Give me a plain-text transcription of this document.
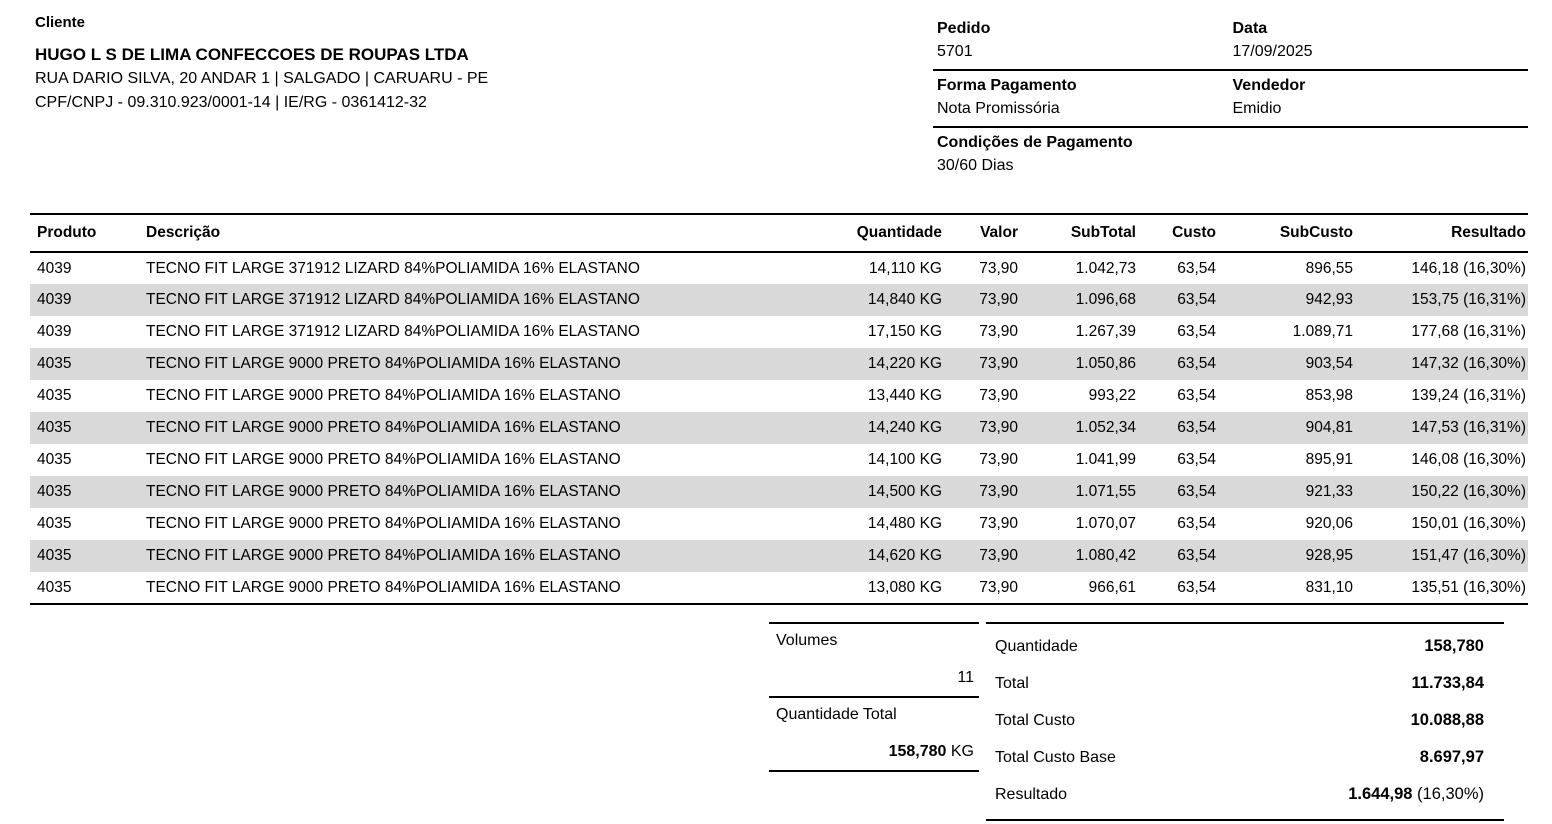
Cliente
HUGO L S DE LIMA CONFECCOES DE ROUPAS LTDA
RUA DARIO SILVA, 20 ANDAR 1 | SALGADO | CARUARU - PE
CPF/CNPJ - 09.310.923/0001-14 | IE/RG - 0361412-32
Pedido
5701
Data
17/09/2025
Forma Pagamento
Nota Promissória
Vendedor
Emidio
Condições de Pagamento
30/60 Dias
Produto	Descrição	Quantidade	Valor	SubTotal	Custo	SubCusto	Resultado
4039	TECNO FIT LARGE 371912 LIZARD 84%POLIAMIDA 16% ELASTANO	14,110 KG	73,90	1.042,73	63,54	896,55	146,18 (16,30%)
4039	TECNO FIT LARGE 371912 LIZARD 84%POLIAMIDA 16% ELASTANO	14,840 KG	73,90	1.096,68	63,54	942,93	153,75 (16,31%)
4039	TECNO FIT LARGE 371912 LIZARD 84%POLIAMIDA 16% ELASTANO	17,150 KG	73,90	1.267,39	63,54	1.089,71	177,68 (16,31%)
4035	TECNO FIT LARGE 9000 PRETO 84%POLIAMIDA 16% ELASTANO	14,220 KG	73,90	1.050,86	63,54	903,54	147,32 (16,30%)
4035	TECNO FIT LARGE 9000 PRETO 84%POLIAMIDA 16% ELASTANO	13,440 KG	73,90	993,22	63,54	853,98	139,24 (16,31%)
4035	TECNO FIT LARGE 9000 PRETO 84%POLIAMIDA 16% ELASTANO	14,240 KG	73,90	1.052,34	63,54	904,81	147,53 (16,31%)
4035	TECNO FIT LARGE 9000 PRETO 84%POLIAMIDA 16% ELASTANO	14,100 KG	73,90	1.041,99	63,54	895,91	146,08 (16,30%)
4035	TECNO FIT LARGE 9000 PRETO 84%POLIAMIDA 16% ELASTANO	14,500 KG	73,90	1.071,55	63,54	921,33	150,22 (16,30%)
4035	TECNO FIT LARGE 9000 PRETO 84%POLIAMIDA 16% ELASTANO	14,480 KG	73,90	1.070,07	63,54	920,06	150,01 (16,30%)
4035	TECNO FIT LARGE 9000 PRETO 84%POLIAMIDA 16% ELASTANO	14,620 KG	73,90	1.080,42	63,54	928,95	151,47 (16,30%)
4035	TECNO FIT LARGE 9000 PRETO 84%POLIAMIDA 16% ELASTANO	13,080 KG	73,90	966,61	63,54	831,10	135,51 (16,30%)
Volumes
11
Quantidade Total
158,780 KG
Quantidade	158,780
Total	11.733,84
Total Custo	10.088,88
Total Custo Base	8.697,97
Resultado	1.644,98 (16,30%)
